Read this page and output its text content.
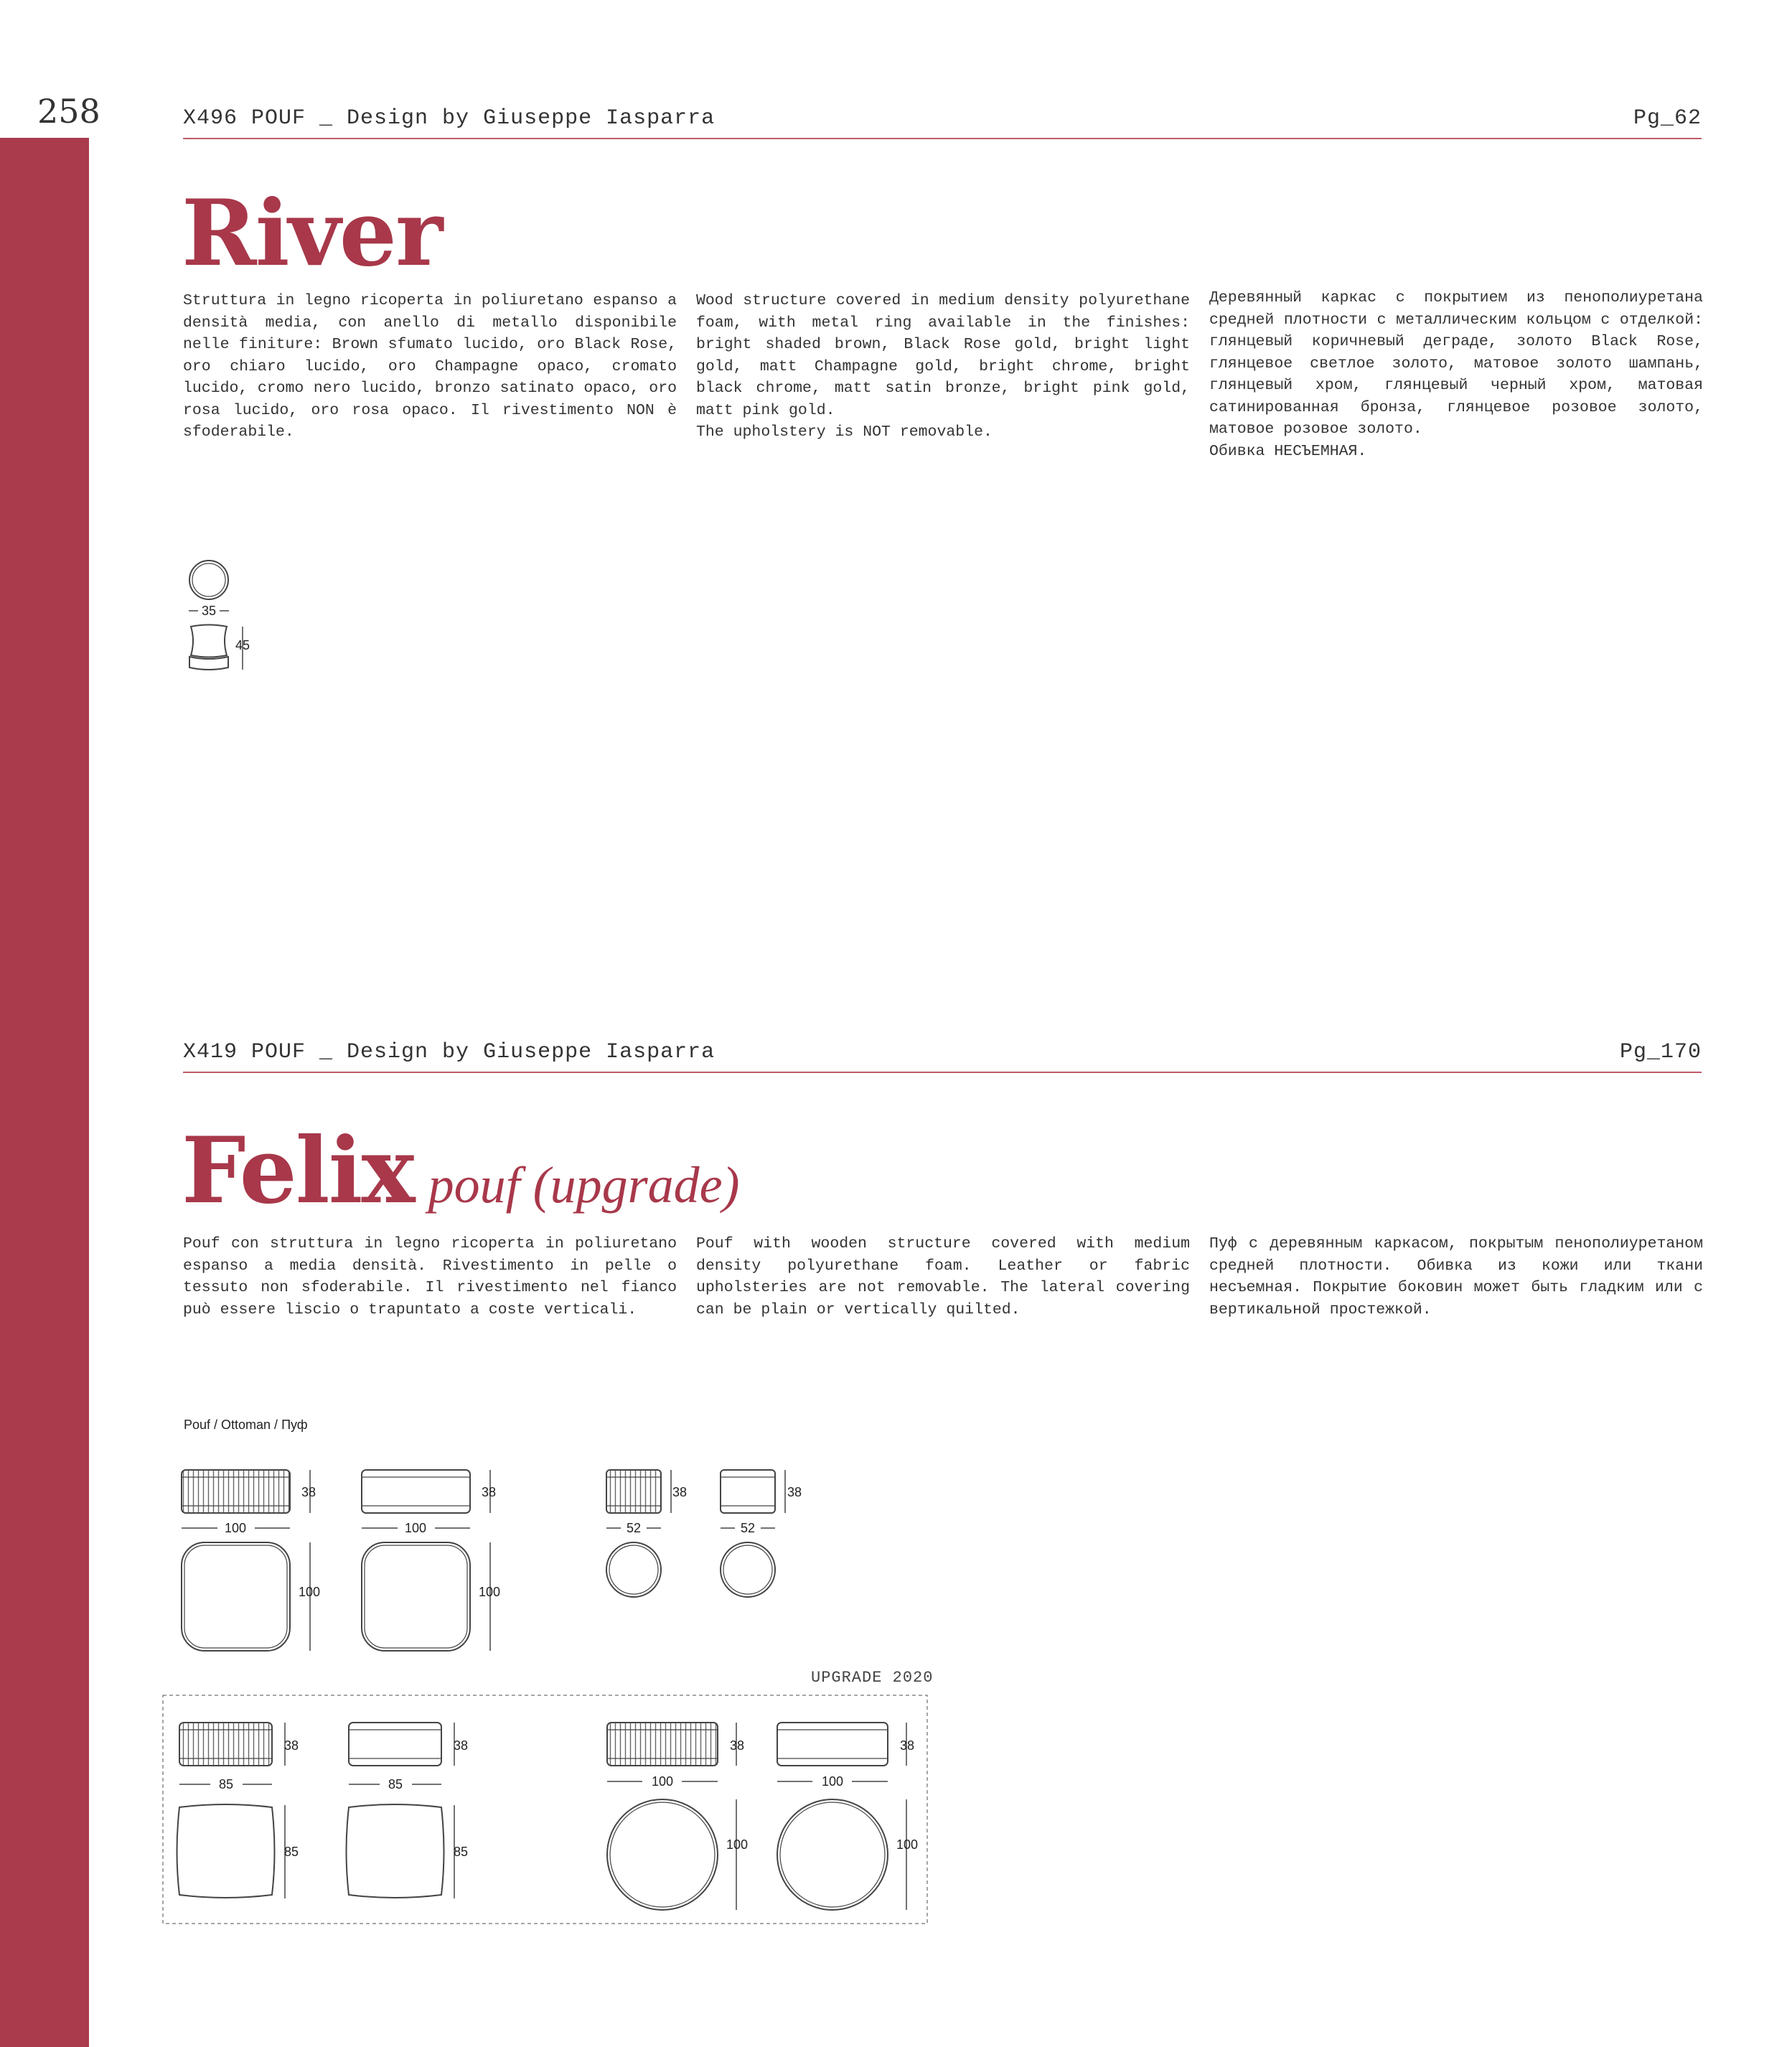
258	X496 POUF _ Design by Giuseppe Iasparra	Pg_62
River

Struttura in legno ricoperta in poliuretano espanso a densità media, con anello di metallo disponibile nelle finiture: Brown sfumato lucido, oro Black Rose, oro chiaro lucido, oro Champagne opaco, cromato lucido, cromo nero lucido, bronzo satinato opaco, oro rosa lucido, oro rosa opaco. Il rivestimento NON è sfoderabile.

Wood structure covered in medium density polyurethane foam, with metal ring available in the finishes: bright shaded brown, Black Rose gold, bright light gold, matt Champagne gold, bright chrome, bright black chrome, matt satin bronze, bright pink gold, matt pink gold.

The upholstery is NOT removable.

Деревянный каркас с покрытием из пенополиуретана средней плотности с металлическим кольцом с отделкой: глянцевый коричневый деграде, золото Black Rose, глянцевое светлое золото, матовое золото шампань, глянцевый хром, глянцевый черный хром, матовая сатинированная бронза, глянцевое розовое золото, матовое розовое золото.

Обивка НЕСЪЕМНАЯ.

X419 POUF _ Design by Giuseppe Iasparra	Pg_170
Felix pouf (upgrade)

Pouf con struttura in legno ricoperta in poliuretano espanso a media densità. Rivestimento in pelle o tessuto non sfoderabile. Il rivestimento nel fianco può essere liscio o trapuntato a coste verticali.

Pouf with wooden structure covered with medium density polyurethane foam. Leather or fabric upholsteries are not removable. The lateral covering can be plain or vertically quilted.

Пуф с деревянным каркасом, покрытым пенополиуретаном средней плотности. Обивка из кожи или ткани несъемная. Покрытие боковин может быть гладким или с вертикальной простежкой.

Pouf / Ottoman / Пуф
UPGRADE 2020
35
45
38
100
100
38
100
100
38
52
38
52
38
85
85
38
85
85
38
100
100
38
100
100
